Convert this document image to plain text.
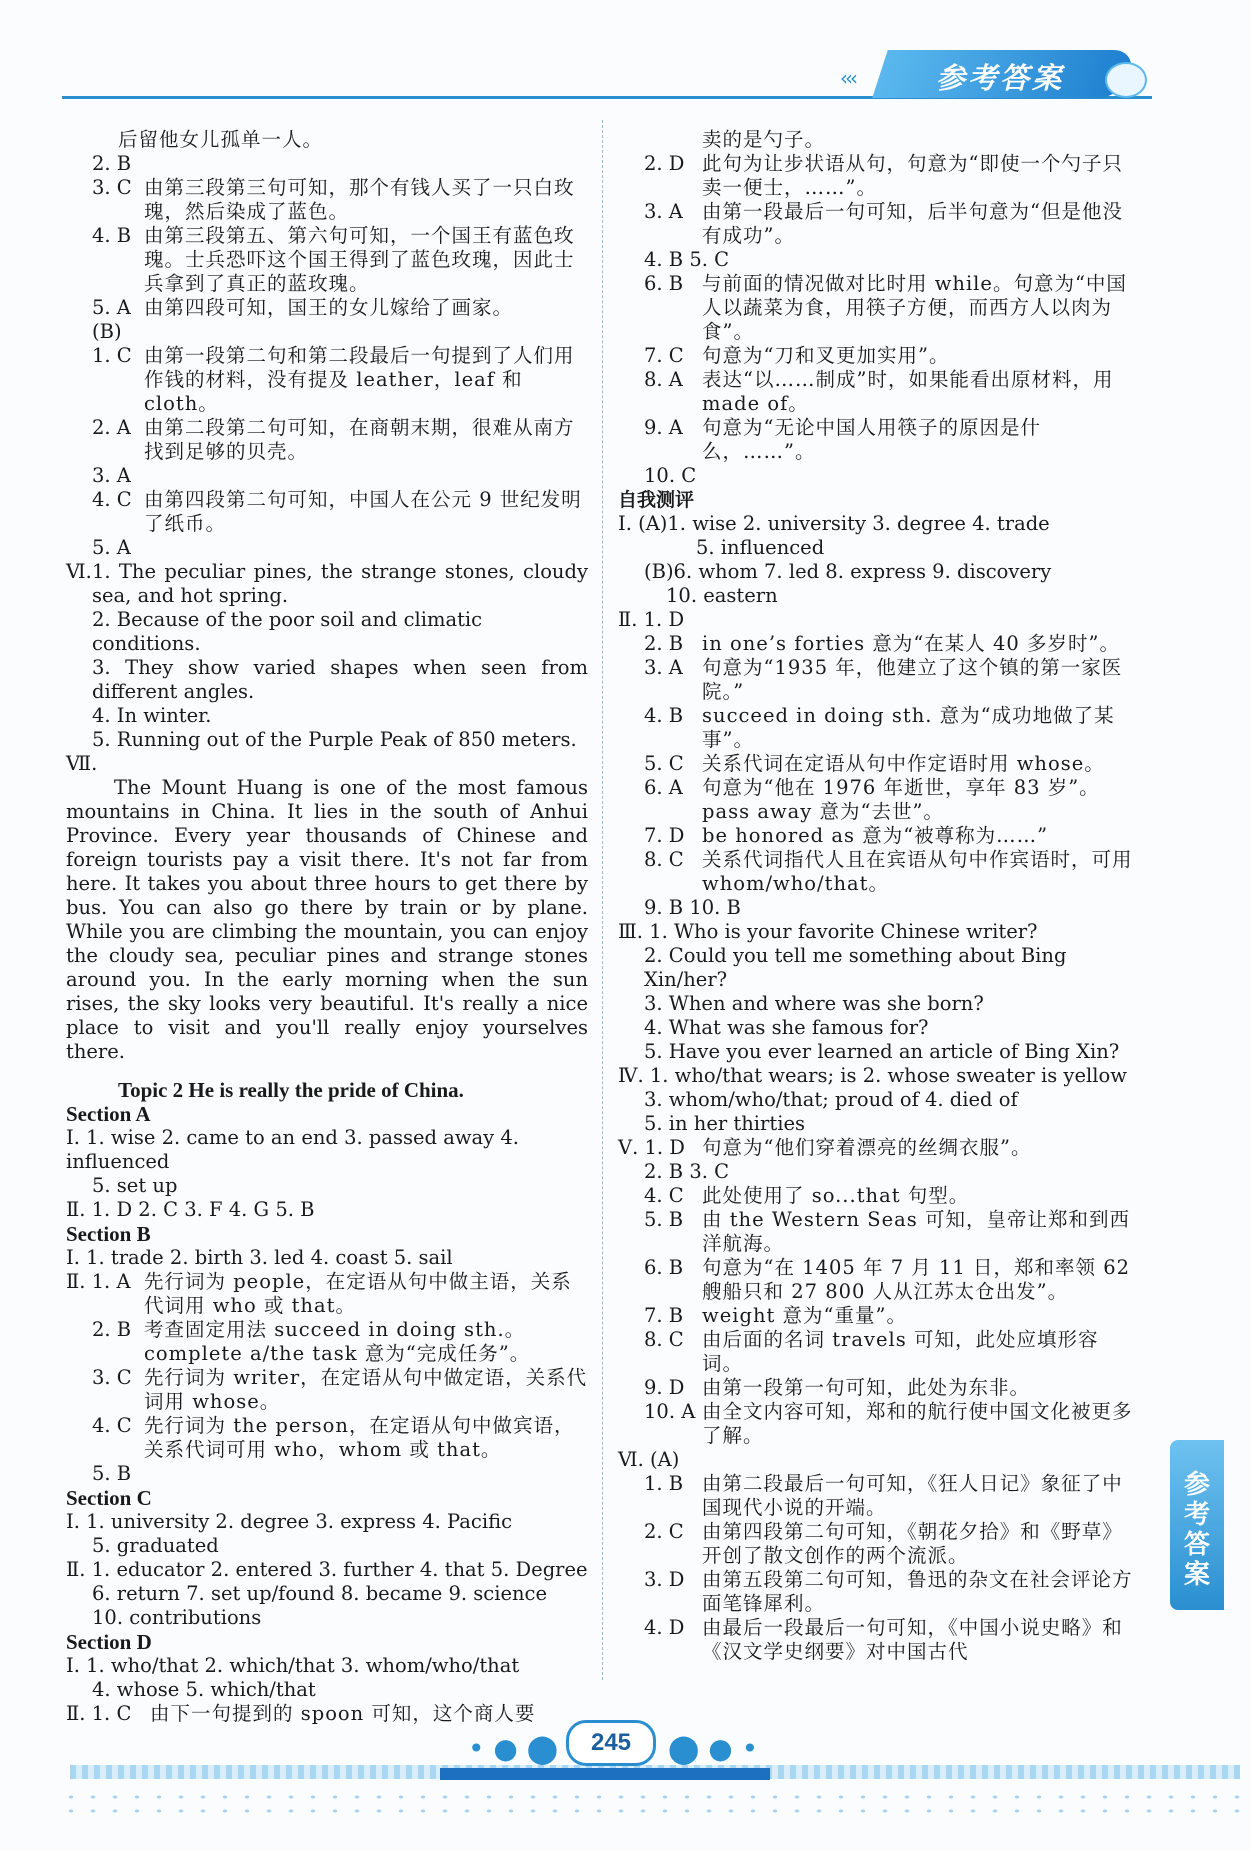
‹‹‹	参考答案
后留他女儿孤单一人。
2. B
3. C 由第三段第三句可知，那个有钱人买了一只白玫瑰，然后染成了蓝色。
4. B 由第三段第五、第六句可知，一个国王有蓝色玫瑰。士兵恐吓这个国王得到了蓝色玫瑰，因此士兵拿到了真正的蓝玫瑰。
5. A 由第四段可知，国王的女儿嫁给了画家。
(B)
1. C 由第一段第二句和第二段最后一句提到了人们用作钱的材料，没有提及 leather，leaf 和 cloth。
2. A 由第二段第二句可知，在商朝末期，很难从南方找到足够的贝壳。
3. A
4. C 由第四段第二句可知，中国人在公元 9 世纪发明了纸币。
5. A
Ⅵ. 1. The peculiar pines, the strange stones, cloudy sea, and hot spring.
2. Because of the poor soil and climatic conditions.
3. They show varied shapes when seen from different angles.
4. In winter.
5. Running out of the Purple Peak of 850 meters.
Ⅶ.
The Mount Huang is one of the most famous mountains in China. It lies in the south of Anhui Province. Every year thousands of Chinese and foreign tourists pay a visit there. It's not far from here. It takes you about three hours to get there by bus. You can also go there by train or by plane. While you are climbing the mountain, you can enjoy the cloudy sea, peculiar pines and strange stones around you. In the early morning when the sun rises, the sky looks very beautiful. It's really a nice place to visit and you'll really enjoy yourselves there.
Topic 2 He is really the pride of China.
Section A
Ⅰ. 1. wise 2. came to an end 3. passed away 4. influenced
5. set up
Ⅱ. 1. D 2. C 3. F 4. G 5. B
Section B
Ⅰ. 1. trade 2. birth 3. led 4. coast 5. sail
Ⅱ. 1. A 先行词为 people，在定语从句中做主语，关系代词用 who 或 that。
2. B 考查固定用法 succeed in doing sth.。complete a/the task 意为“完成任务”。
3. C 先行词为 writer，在定语从句中做定语，关系代词用 whose。
4. C 先行词为 the person，在定语从句中做宾语，关系代词可用 who，whom 或 that。
5. B
Section C
Ⅰ. 1. university 2. degree 3. express 4. Pacific
5. graduated
Ⅱ. 1. educator 2. entered 3. further 4. that 5. Degree
6. return 7. set up/found 8. became 9. science
10. contributions
Section D
Ⅰ. 1. who/that 2. which/that 3. whom/who/that
4. whose 5. which/that
Ⅱ. 1. C 由下一句提到的 spoon 可知，这个商人要
卖的是勺子。
2. D 此句为让步状语从句，句意为“即使一个勺子只卖一便士，……”。
3. A 由第一段最后一句可知，后半句意为“但是他没有成功”。
4. B 5. C
6. B 与前面的情况做对比时用 while。句意为“中国人以蔬菜为食，用筷子方便，而西方人以肉为食”。
7. C 句意为“刀和叉更加实用”。
8. A 表达“以……制成”时，如果能看出原材料，用 made of。
9. A 句意为“无论中国人用筷子的原因是什么，……”。
10. C
自我测评
Ⅰ. (A)1. wise 2. university 3. degree 4. trade
5. influenced
(B)6. whom 7. led 8. express 9. discovery
10. eastern
Ⅱ. 1. D
2. B in one’s forties 意为“在某人 40 多岁时”。
3. A 句意为“1935 年，他建立了这个镇的第一家医院。”
4. B succeed in doing sth. 意为“成功地做了某事”。
5. C 关系代词在定语从句中作定语时用 whose。
6. A 句意为“他在 1976 年逝世，享年 83 岁”。pass away 意为“去世”。
7. D be honored as 意为“被尊称为……”
8. C 关系代词指代人且在宾语从句中作宾语时，可用 whom/who/that。
9. B 10. B
Ⅲ. 1. Who is your favorite Chinese writer?
2. Could you tell me something about Bing Xin/her?
3. When and where was she born?
4. What was she famous for?
5. Have you ever learned an article of Bing Xin?
Ⅳ. 1. who/that wears; is 2. whose sweater is yellow
3. whom/who/that; proud of 4. died of
5. in her thirties
Ⅴ. 1. D 句意为“他们穿着漂亮的丝绸衣服”。
2. B 3. C
4. C 此处使用了 so...that 句型。
5. B 由 the Western Seas 可知，皇帝让郑和到西洋航海。
6. B 句意为“在 1405 年 7 月 11 日，郑和率领 62 艘船只和 27 800 人从江苏太仓出发”。
7. B weight 意为“重量”。
8. C 由后面的名词 travels 可知，此处应填形容词。
9. D 由第一段第一句可知，此处为东非。
10. A 由全文内容可知，郑和的航行使中国文化被更多了解。
Ⅵ. (A)
1. B 由第二段最后一句可知，《狂人日记》象征了中国现代小说的开端。
2. C 由第四段第二句可知，《朝花夕拾》和《野草》开创了散文创作的两个流派。
3. D 由第五段第二句可知，鲁迅的杂文在社会评论方面笔锋犀利。
4. D 由最后一段最后一句可知，《中国小说史略》和《汉文学史纲要》对中国古代
参考答案
• ● ⬤	⬤ ● •
245
